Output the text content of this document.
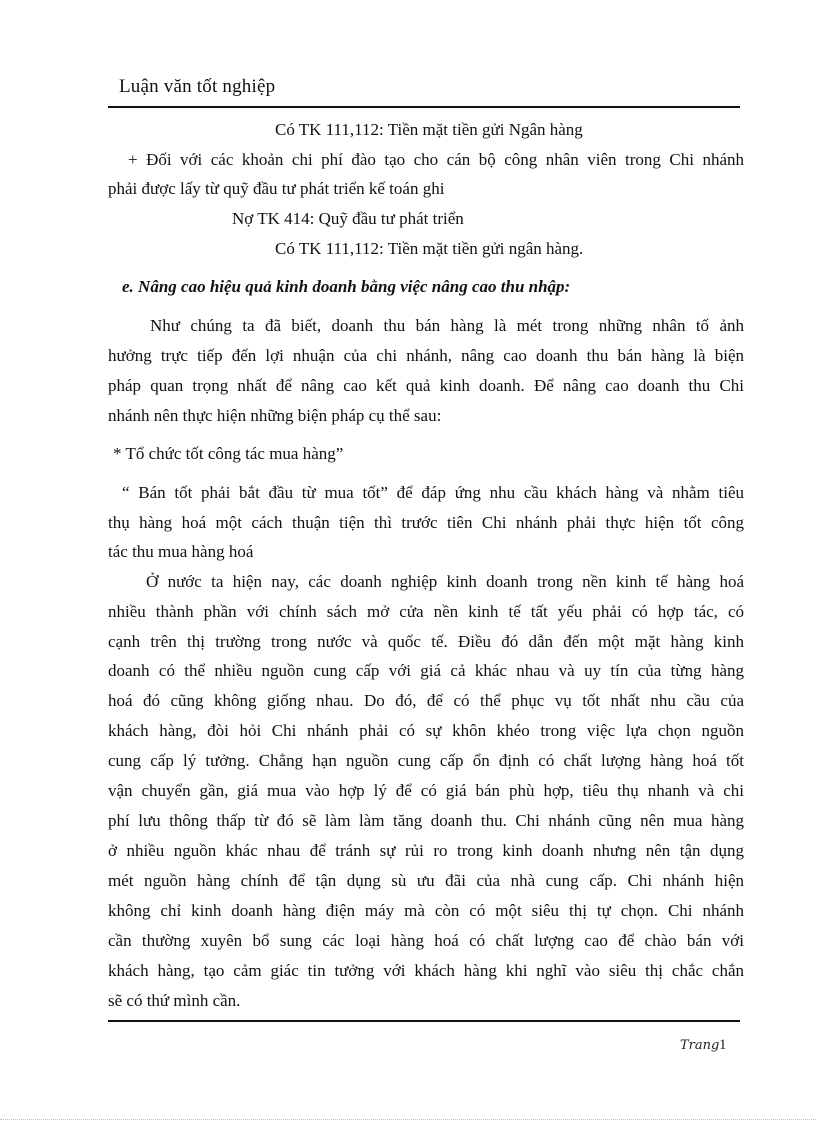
Luận văn tốt nghiệp
Có TK 111,112: Tiền mặt tiền gửi Ngân hàng
+ Đối với các khoản chi phí đào tạo cho cán bộ công nhân viên trong Chi nhánh
phải được lấy từ quỹ đầu tư phát triển kế toán ghi
Nợ TK 414: Quỹ đầu tư phát triển
Có TK 111,112: Tiền mặt tiền gửi ngân hàng.
e. Nâng cao hiệu quả kinh doanh bằng việc nâng cao thu nhập:
Như chúng ta đã biết, doanh thu bán hàng là mét trong những nhân tố ảnh
hưởng trực tiếp đến lợi nhuận của chi nhánh, nâng cao doanh thu bán hàng là biện
pháp quan trọng nhất để nâng cao kết quả kinh doanh. Để nâng cao doanh thu Chi
nhánh nên thực hiện những biện pháp cụ thể sau:
* Tổ chức tốt công tác mua hàng”
“ Bán tốt phải bắt đầu từ mua tốt” để đáp ứng nhu cầu khách hàng và nhằm tiêu
thụ hàng hoá một cách thuận tiện thì trước tiên Chi nhánh phải thực hiện tốt công
tác thu mua hàng hoá
Ở nước ta hiện nay, các doanh nghiệp kinh doanh trong nền kinh tế hàng hoá
nhiều thành phần với chính sách mở cửa nền kinh tế tất yếu phải có hợp tác, có
cạnh trên thị trường trong nước và quốc tế. Điều đó dẫn đến một mặt hàng kinh
doanh có thể nhiều nguồn cung cấp với giá cả khác nhau và uy tín của từng hàng
hoá đó cũng không giống nhau. Do đó, để có thể phục vụ tốt nhất nhu cầu của
khách hàng, đòi hỏi Chi nhánh phải có sự khôn khéo trong việc lựa chọn nguồn
cung cấp lý tưởng. Chẳng hạn nguồn cung cấp ổn định có chất lượng hàng hoá tốt
vận chuyển gần, giá mua vào hợp lý để có giá bán phù hợp, tiêu thụ nhanh và chi
phí lưu thông thấp từ đó sẽ làm làm tăng doanh thu. Chi nhánh cũng nên mua hàng
ở nhiều nguồn khác nhau để tránh sự rủi ro trong kinh doanh nhưng nên tận dụng
mét nguồn hàng chính để tận dụng sù ưu đãi của nhà cung cấp. Chi nhánh hiện
không chỉ kinh doanh hàng điện máy mà còn có một siêu thị tự chọn. Chi nhánh
cần thường xuyên bổ sung các loại hàng hoá có chất lượng cao để chào bán với
khách hàng, tạo cảm giác tin tưởng với khách hàng khi nghĩ vào siêu thị chắc chắn
sẽ có thứ mình cần.
Trang 1
